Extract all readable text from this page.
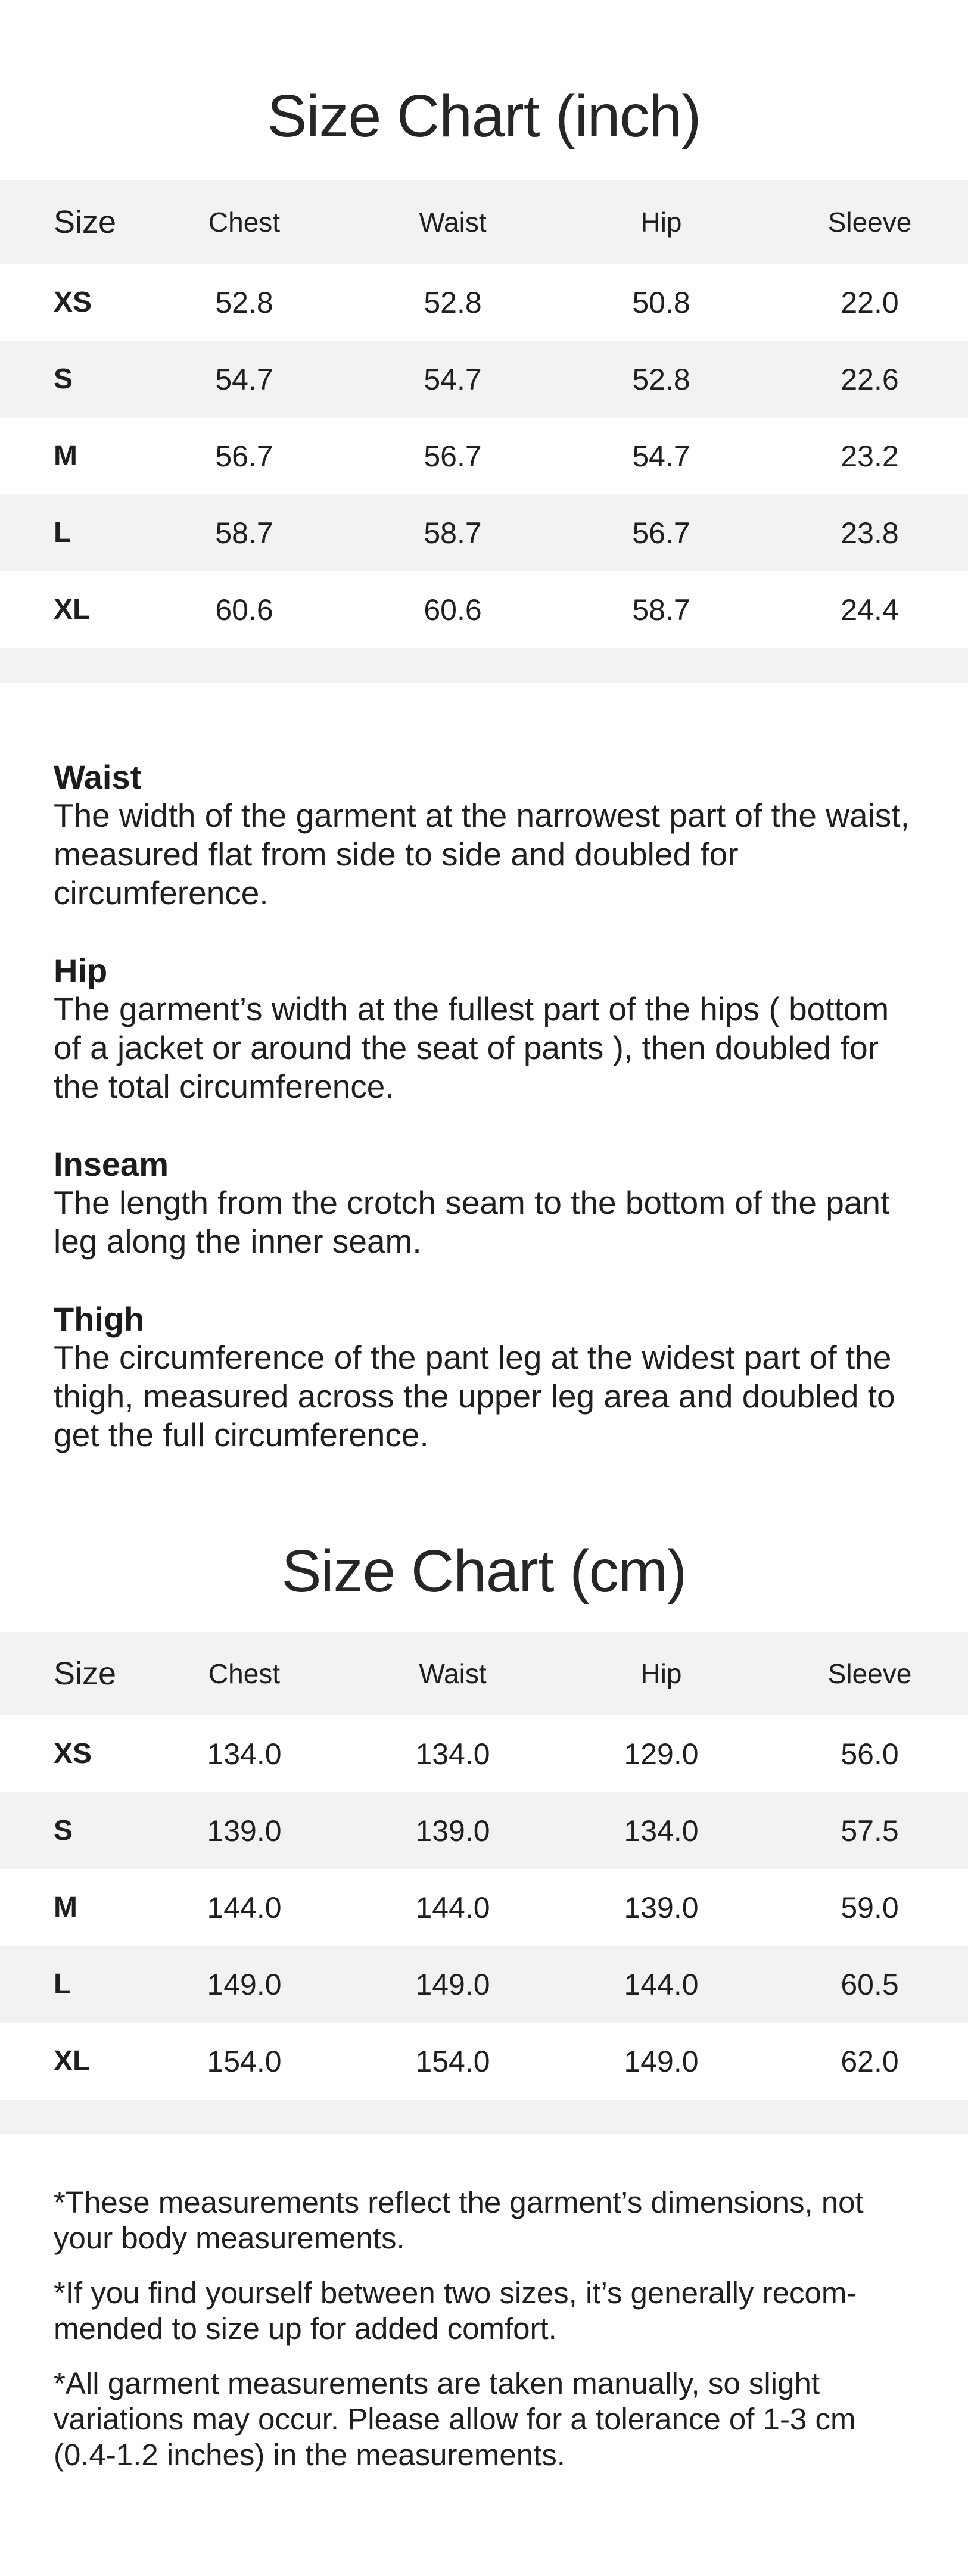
Size Chart (inch)
Size	Chest	Waist	Hip	Sleeve
XS	52.8	52.8	50.8	22.0
S	54.7	54.7	52.8	22.6
M	56.7	56.7	54.7	23.2
L	58.7	58.7	56.7	23.8
XL	60.6	60.6	58.7	24.4
Waist
The width of the garment at the narrowest part of the waist, measured flat from side to side and doubled for circumference.
Hip
The garment’s width at the fullest part of the hips ( bottom of a jacket or around the seat of pants ), then doubled for the total circumference.
Inseam
The length from the crotch seam to the bottom of the pant leg along the inner seam.
Thigh
The circumference of the pant leg at the widest part of the thigh, measured across the upper leg area and doubled to get the full circumference.
Size Chart (cm)
Size	Chest	Waist	Hip	Sleeve
XS	134.0	134.0	129.0	56.0
S	139.0	139.0	134.0	57.5
M	144.0	144.0	139.0	59.0
L	149.0	149.0	144.0	60.5
XL	154.0	154.0	149.0	62.0
*These measurements reflect the garment’s dimensions, not your body measurements.
*If you find yourself between two sizes, it’s generally recom-mended to size up for added comfort.
*All garment measurements are taken manually, so slight variations may occur. Please allow for a tolerance of 1-3 cm (0.4-1.2 inches) in the measurements.
